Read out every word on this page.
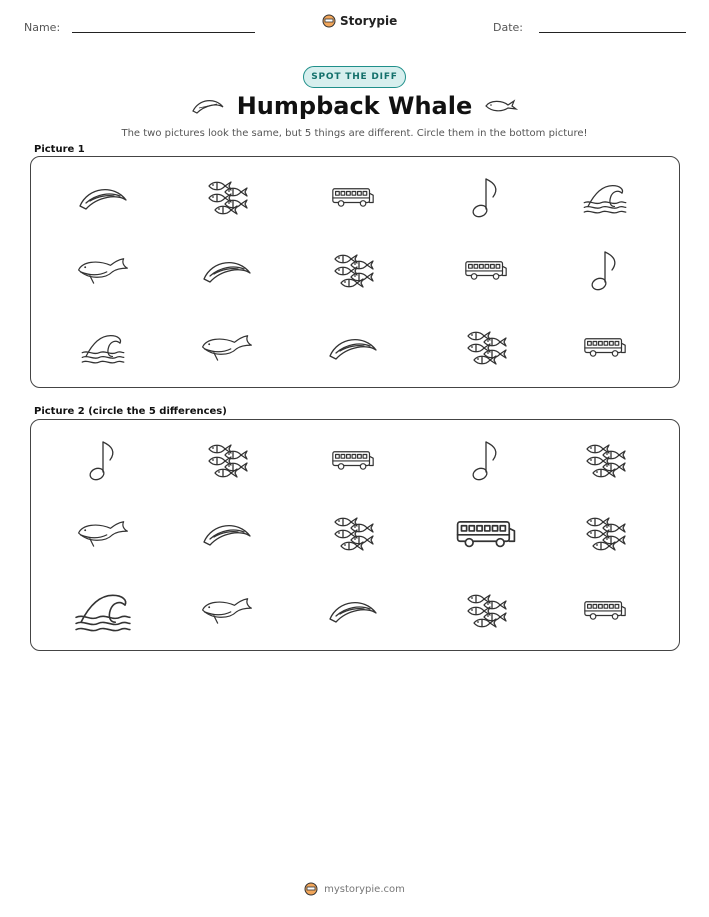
Name:	Storypie	Date:
SPOT THE DIFF
Humpback Whale
The two pictures look the same, but 5 things are different. Circle them in the bottom picture!
Picture 1
Picture 2 (circle the 5 differences)
mystorypie.com
